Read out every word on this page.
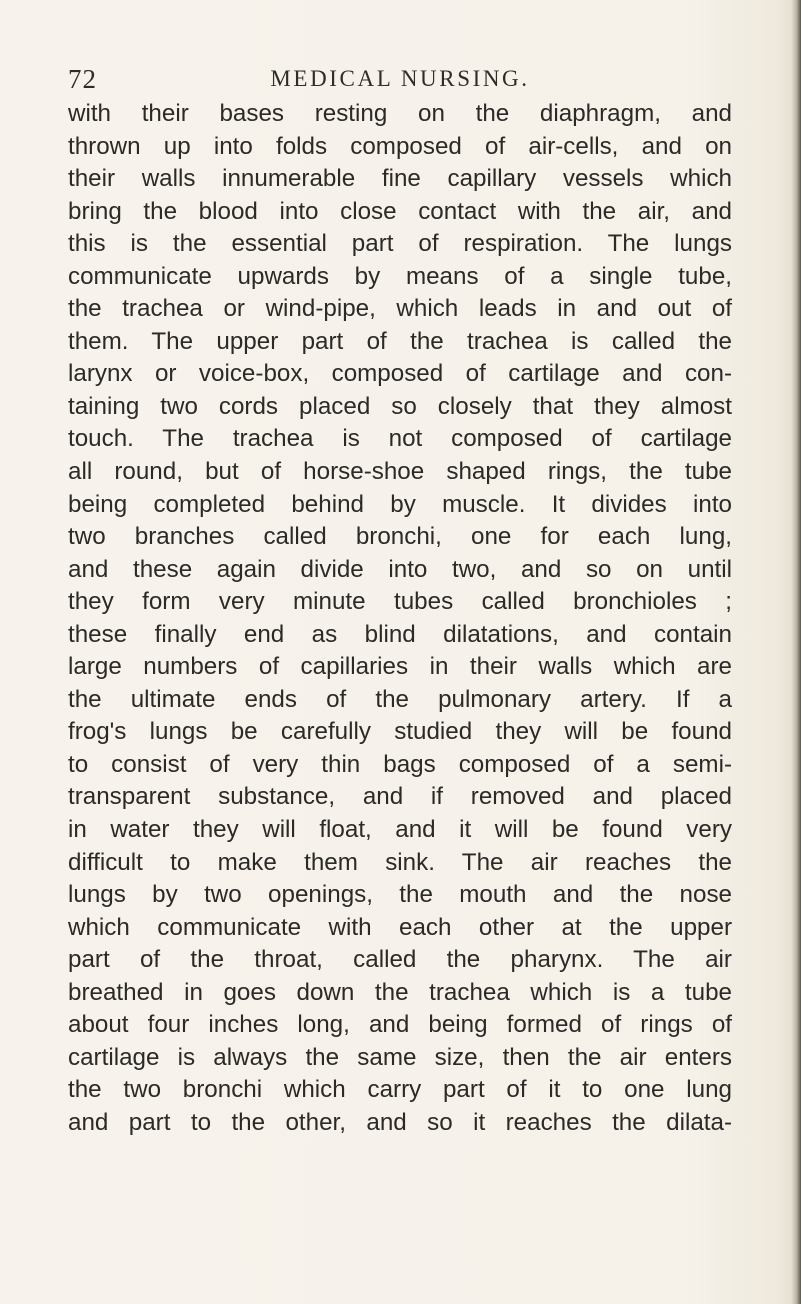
72	MEDICAL NURSING.
with their bases resting on the diaphragm, and
thrown up into folds composed of air-cells, and on
their walls innumerable fine capillary vessels which
bring the blood into close contact with the air, and
this is the essential part of respiration. The lungs
communicate upwards by means of a single tube,
the trachea or wind-pipe, which leads in and out of
them. The upper part of the trachea is called the
larynx or voice-box, composed of cartilage and con-
taining two cords placed so closely that they almost
touch. The trachea is not composed of cartilage
all round, but of horse-shoe shaped rings, the tube
being completed behind by muscle. It divides into
two branches called bronchi, one for each lung,
and these again divide into two, and so on until
they form very minute tubes called bronchioles ;
these finally end as blind dilatations, and contain
large numbers of capillaries in their walls which are
the ultimate ends of the pulmonary artery. If a
frog's lungs be carefully studied they will be found
to consist of very thin bags composed of a semi-
transparent substance, and if removed and placed
in water they will float, and it will be found very
difficult to make them sink. The air reaches the
lungs by two openings, the mouth and the nose
which communicate with each other at the upper
part of the throat, called the pharynx. The air
breathed in goes down the trachea which is a tube
about four inches long, and being formed of rings of
cartilage is always the same size, then the air enters
the two bronchi which carry part of it to one lung
and part to the other, and so it reaches the dilata-
